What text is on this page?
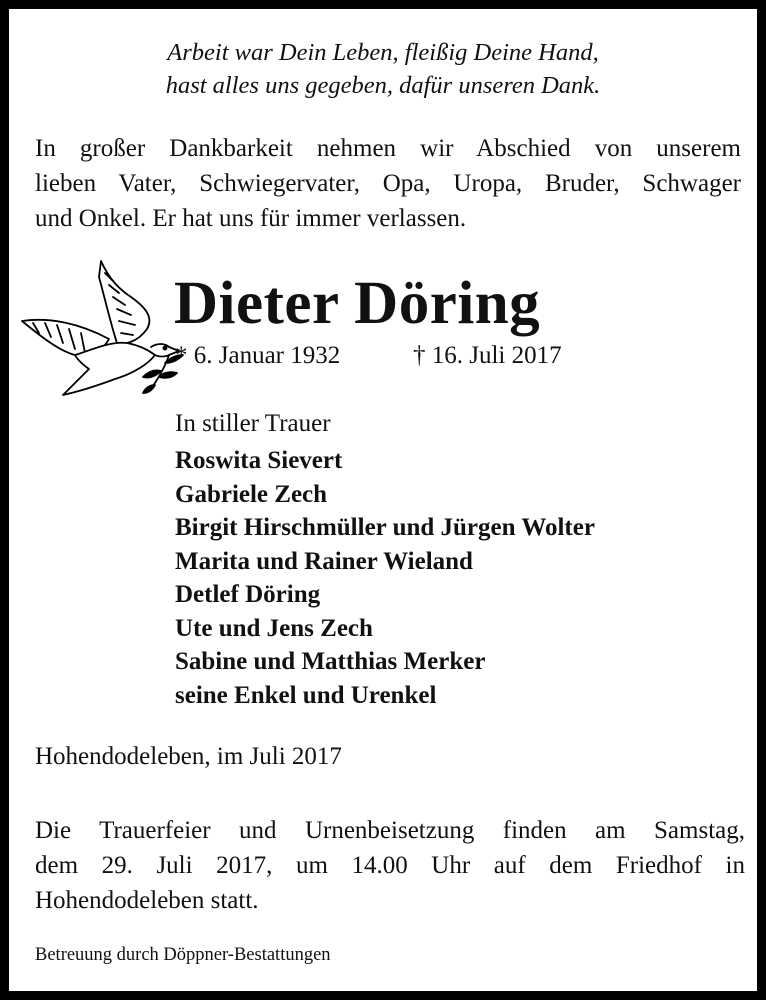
Arbeit war Dein Leben, fleißig Deine Hand,

hast alles uns gegeben, dafür unseren Dank.

In großer Dankbarkeit nehmen wir Abschied von unserem

lieben Vater, Schwiegervater, Opa, Uropa, Bruder, Schwager

und Onkel. Er hat uns für immer verlassen.

Dieter Döring
* 6. Januar 1932	† 16. Juli 2017

In stiller Trauer

Roswita Sievert
Gabriele Zech
Birgit Hirschmüller und Jürgen Wolter
Marita und Rainer Wieland
Detlef Döring
Ute und Jens Zech
Sabine und Matthias Merker
seine Enkel und Urenkel

Hohendodeleben, im Juli 2017

Die Trauerfeier und Urnenbeisetzung finden am Samstag,

dem 29. Juli 2017, um 14.00 Uhr auf dem Friedhof in

Hohendodeleben statt.

Betreuung durch Döppner-Bestattungen
